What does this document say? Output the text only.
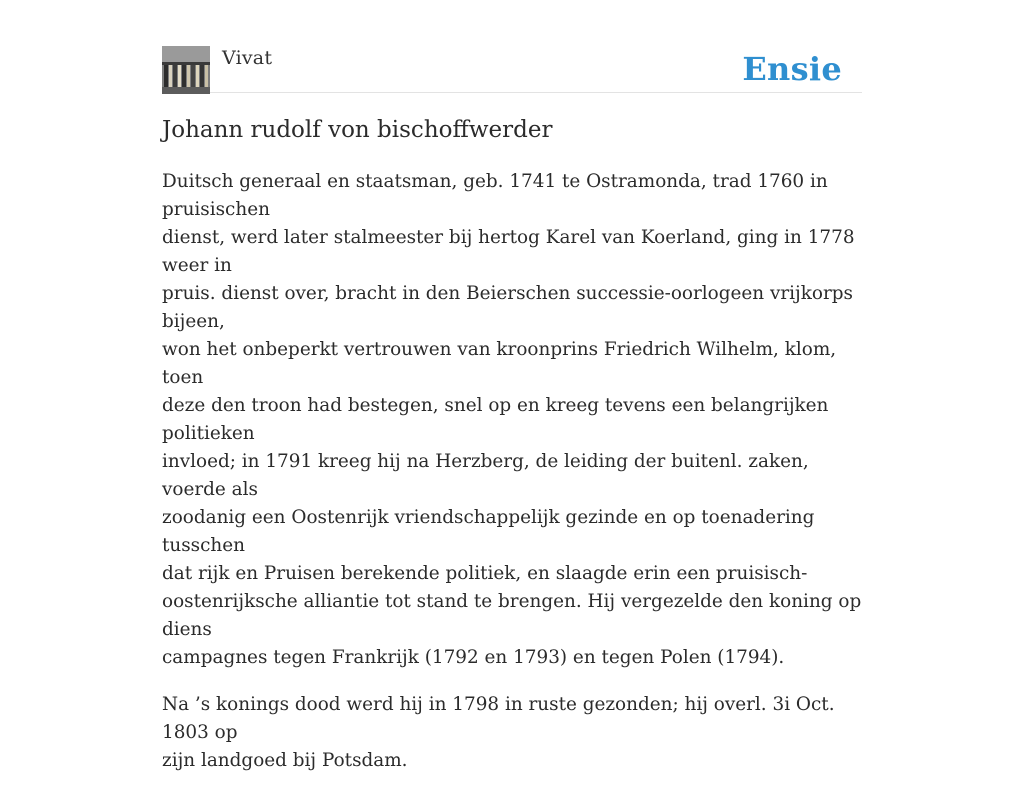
Vivat	Ensie
Johann rudolf von bischoffwerder

Duitsch generaal en staatsman, geb. 1741 te Ostramonda, trad 1760 in pruisischen
dienst, werd later stalmeester bij hertog Karel van Koerland, ging in 1778 weer in
pruis. dienst over, bracht in den Beierschen successie-oorlogeen vrijkorps bijeen,
won het onbeperkt vertrouwen van kroonprins Friedrich Wilhelm, klom, toen
deze den troon had bestegen, snel op en kreeg tevens een belangrijken politieken
invloed; in 1791 kreeg hij na Herzberg, de leiding der buitenl. zaken, voerde als
zoodanig een Oostenrijk vriendschappelijk gezinde en op toenadering tusschen
dat rijk en Pruisen berekende politiek, en slaagde erin een pruisisch-
oostenrijksche alliantie tot stand te brengen. Hij vergezelde den koning op diens
campagnes tegen Frankrijk (1792 en 1793) en tegen Polen (1794).

Na ’s konings dood werd hij in 1798 in ruste gezonden; hij overl. 3i Oct. 1803 op
zijn landgoed bij Potsdam.
